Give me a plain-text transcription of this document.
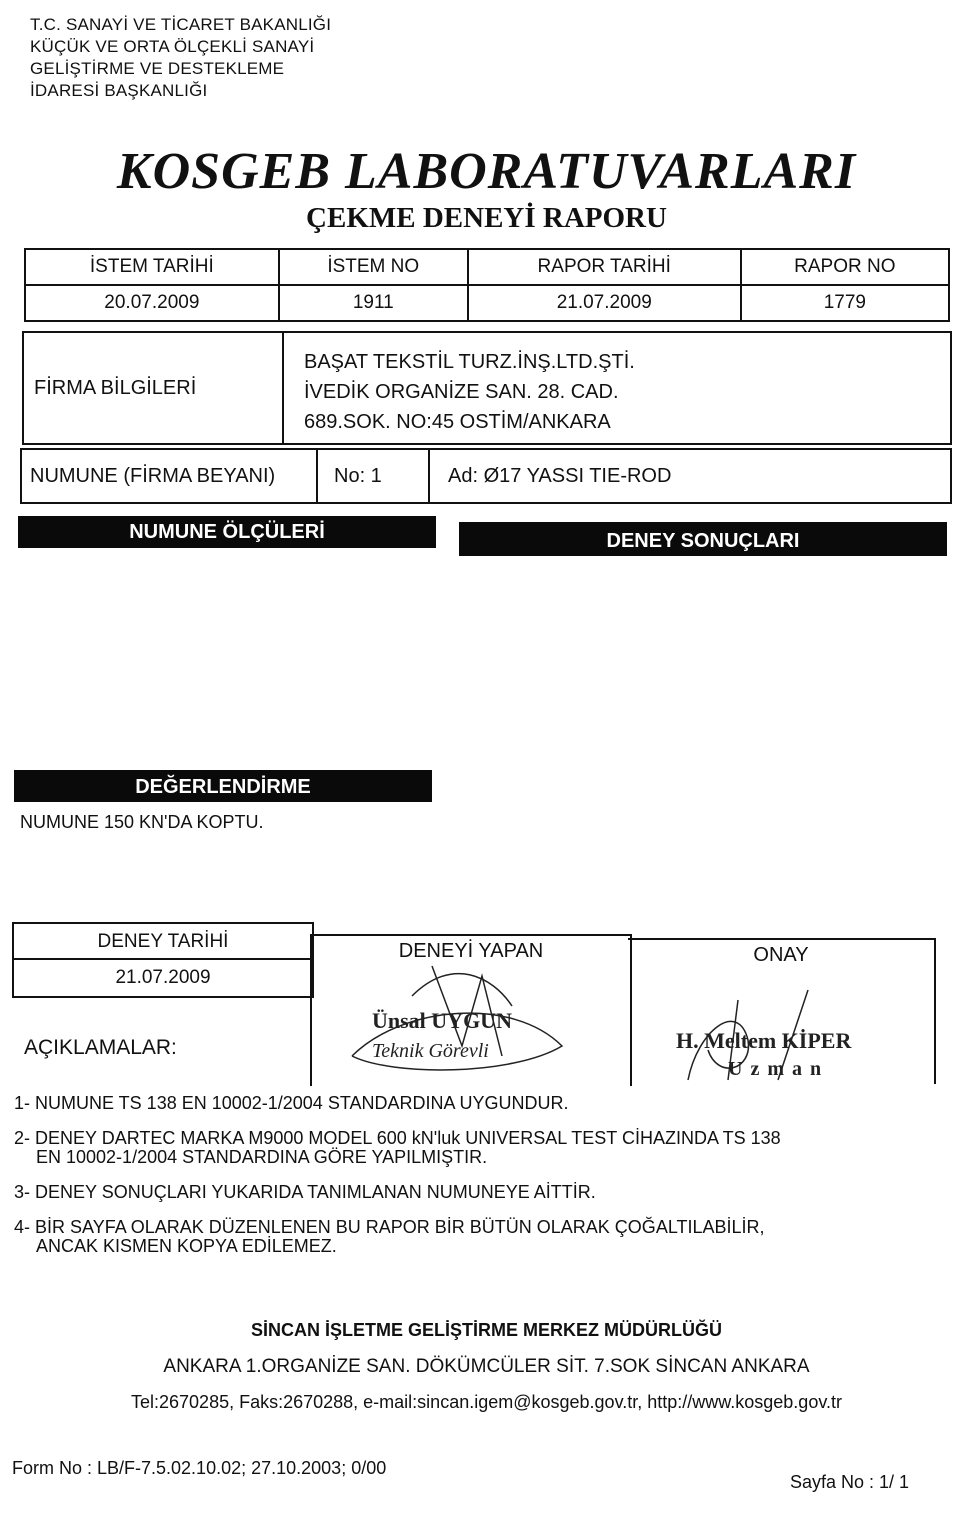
T.C. SANAYİ VE TİCARET BAKANLIĞI
KÜÇÜK VE ORTA ÖLÇEKLİ SANAYİ
GELİŞTİRME VE DESTEKLEME
İDARESİ BAŞKANLIĞI
KOSGEB LABORATUVARLARI
ÇEKME DENEYİ RAPORU
İSTEM TARİHİ	İSTEM NO	RAPOR TARİHİ	RAPOR NO
20.07.2009	1911	21.07.2009	1779
FİRMA BİLGİLERİ
BAŞAT TEKSTİL TURZ.İNŞ.LTD.ŞTİ.
İVEDİK ORGANİZE SAN. 28. CAD.
689.SOK. NO:45 OSTİM/ANKARA
NUMUNE (FİRMA BEYANI)	No: 1	Ad: Ø17 YASSI TIE-ROD
NUMUNE ÖLÇÜLERİ	DENEY SONUÇLARI
DEĞERLENDİRME
NUMUNE 150 KN'DA KOPTU.
DENEY TARİHİ
21.07.2009
DENEYİ YAPAN
Ünsal UYGUN
Teknik Görevli
ONAY
H. Meltem KİPER
Uzman
AÇIKLAMALAR:
1- NUMUNE TS 138 EN 10002-1/2004 STANDARDINA UYGUNDUR.
2- DENEY DARTEC MARKA M9000 MODEL 600 kN'luk UNIVERSAL TEST CİHAZINDA TS 138
EN 10002-1/2004 STANDARDINA GÖRE YAPILMIŞTIR.
3- DENEY SONUÇLARI YUKARIDA TANIMLANAN NUMUNEYE AİTTİR.
4- BİR SAYFA OLARAK DÜZENLENEN BU RAPOR BİR BÜTÜN OLARAK ÇOĞALTILABİLİR,
ANCAK KISMEN KOPYA EDİLEMEZ.
SİNCAN İŞLETME GELİŞTİRME MERKEZ MÜDÜRLÜĞÜ
ANKARA 1.ORGANİZE SAN. DÖKÜMCÜLER SİT. 7.SOK SİNCAN ANKARA
Tel:2670285, Faks:2670288, e-mail:sincan.igem@kosgeb.gov.tr, http://www.kosgeb.gov.tr
Form No : LB/F-7.5.02.10.02; 27.10.2003; 0/00
Sayfa No : 1/ 1
